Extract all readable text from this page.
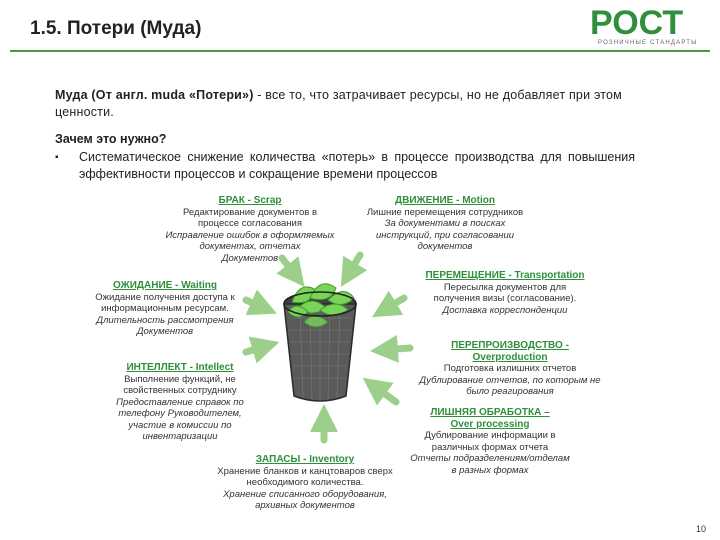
1.5. Потери (Муда)	РОСТ
РОЗНИЧНЫЕ СТАНДАРТЫ
Муда (От англ. muda «Потери») - все то, что затрачивает ресурсы, но не добавляет при этом ценности.
Зачем это нужно?
▪ Систематическое снижение количества «потерь» в процессе производства для повышения эффективности процессов и сокращение времени процессов
БРАК - Scrap
Редактирование документов в
процессе согласования
Исправление ошибок в оформляемых
документах, отчетах
Документов
ДВИЖЕНИЕ - Motion
Лишние перемещения сотрудников
За документами в поисках
инструкций, при согласовании
документов
ОЖИДАНИЕ - Waiting
Ожидание получения доступа к
информационным ресурсам.
Длительность рассмотрения
Документов
ПЕРЕМЕЩЕНИЕ - Transportation
Пересылка документов для
получения визы (согласование).
Доставка корреспонденции
ИНТЕЛЛЕКТ - Intellect
Выполнение функций, не
свойственных сотруднику
Предоставление справок по
телефону Руководителем,
участие в комиссии по
инвентаризации
ПЕРЕПРОИЗВОДСТВО -
Overproduction
Подготовка излишних отчетов
Дублирование отчетов, по которым не
было реагирования
ЛИШНЯЯ ОБРАБОТКА –
Over processing
Дублирование информации в
различных формах отчета
Отчеты подразделениям/отделам
в разных формах
ЗАПАСЫ - Inventory
Хранение бланков и канцтоваров сверх
необходимого количества.
Хранение списанного оборудования,
архивных документов
10
